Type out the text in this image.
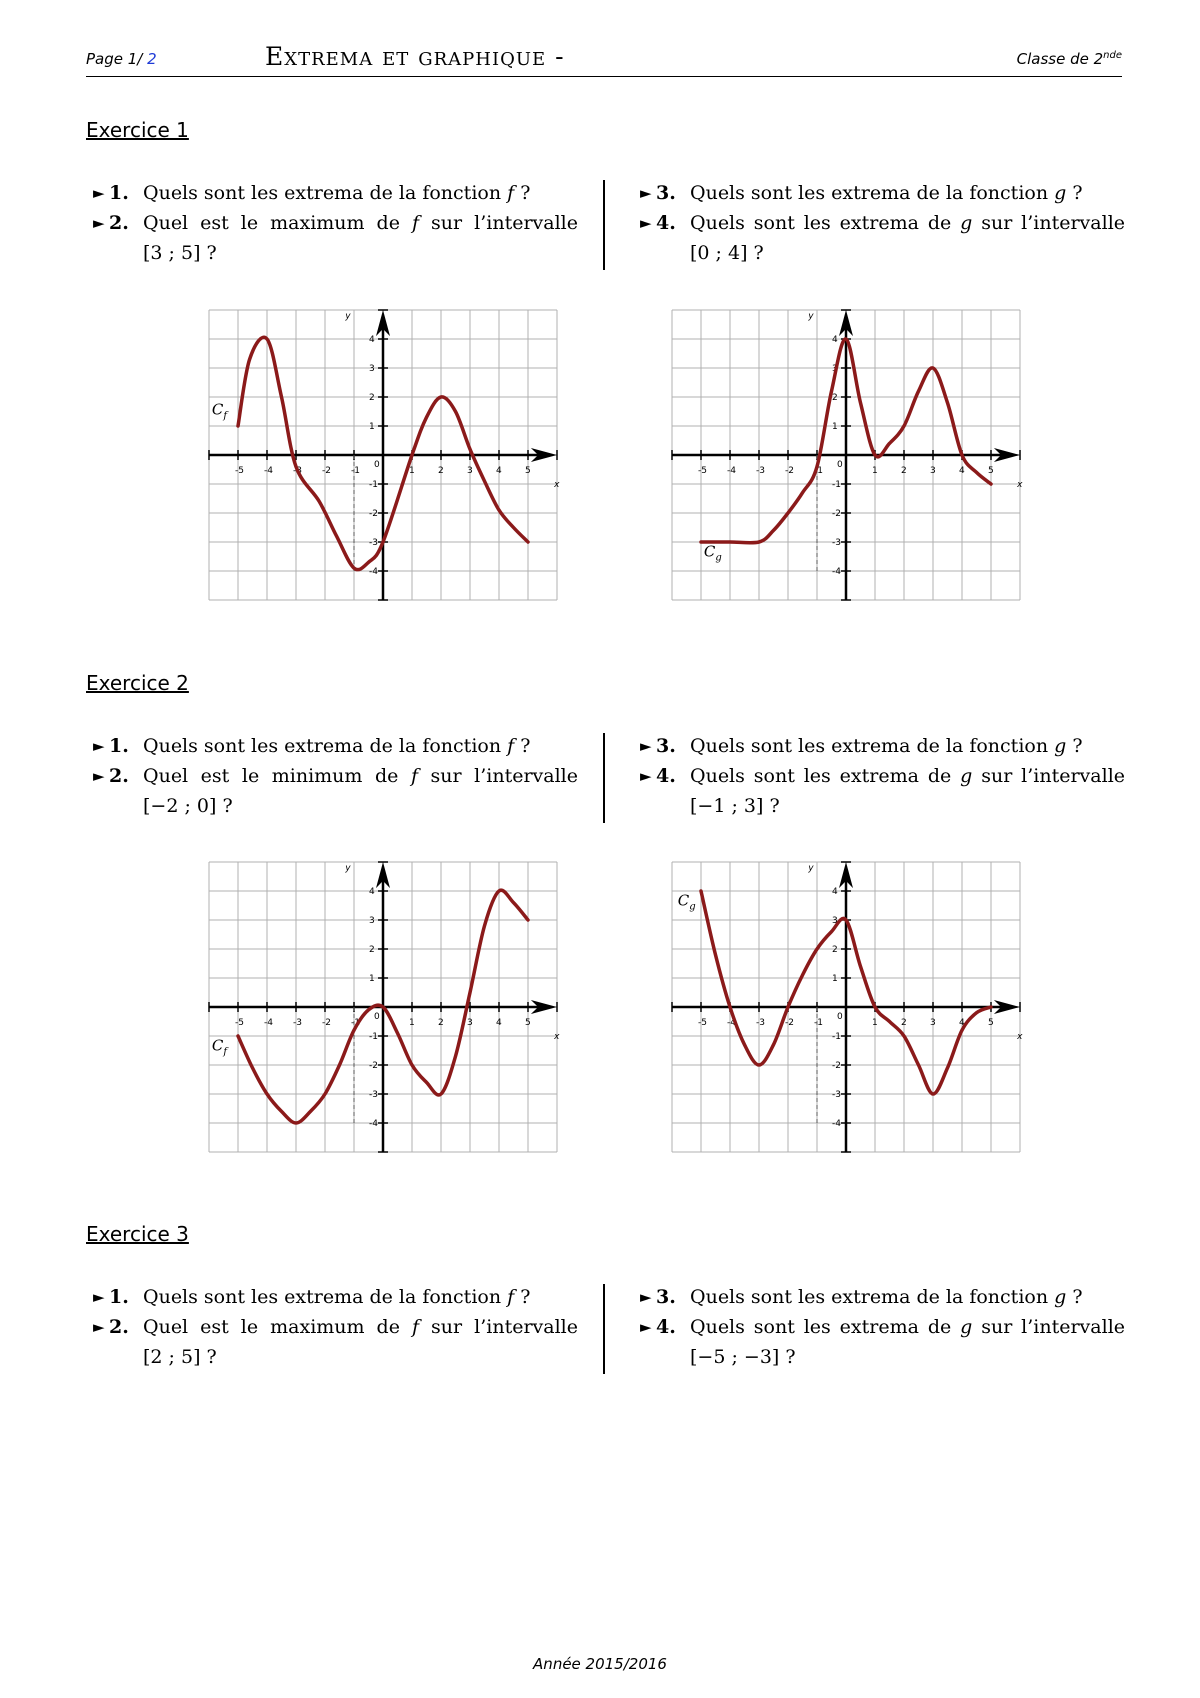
Page 1/ 2	Extrema et graphique -	Classe de 2nde
Exercice 1
► 1. Quels sont les extrema de la fonction f ?
► 2. Quel est le maximum de f sur l’intervalle
[3 ; 5] ?
► 3. Quels sont les extrema de la fonction g ?
► 4. Quels sont les extrema de g sur l’intervalle
[0 ; 4] ?
Exercice 2
► 1. Quels sont les extrema de la fonction f ?
► 2. Quel est le minimum de f sur l’intervalle
[−2 ; 0] ?
► 3. Quels sont les extrema de la fonction g ?
► 4. Quels sont les extrema de g sur l’intervalle
[−1 ; 3] ?
Exercice 3
► 1. Quels sont les extrema de la fonction f ?
► 2. Quel est le maximum de f sur l’intervalle
[2 ; 5] ?
► 3. Quels sont les extrema de la fonction g ?
► 4. Quels sont les extrema de g sur l’intervalle
[−5 ; −3] ?
-5 -4 -3 -2 -1	1	2	3	4	5
4
3
2
1
-1
-2
-3
-4
0
x
y
$C_f$
-5 -4 -3 -2 -1	1	2	3	4	5
4
3
2
1
-1
-2
-3
-4
0
x
y
$C_g$
-5 -4 -3 -2 -1	1	2	3	4	5
4
3
2
1
-1
-2
-3
-4
0
x
y
$C_f$
-5 -4 -3 -2 -1	1	2	3	4	5
4
3
2
1
-1
-2
-3
-4
0
x
y
$C_g$
Année 2015/2016
